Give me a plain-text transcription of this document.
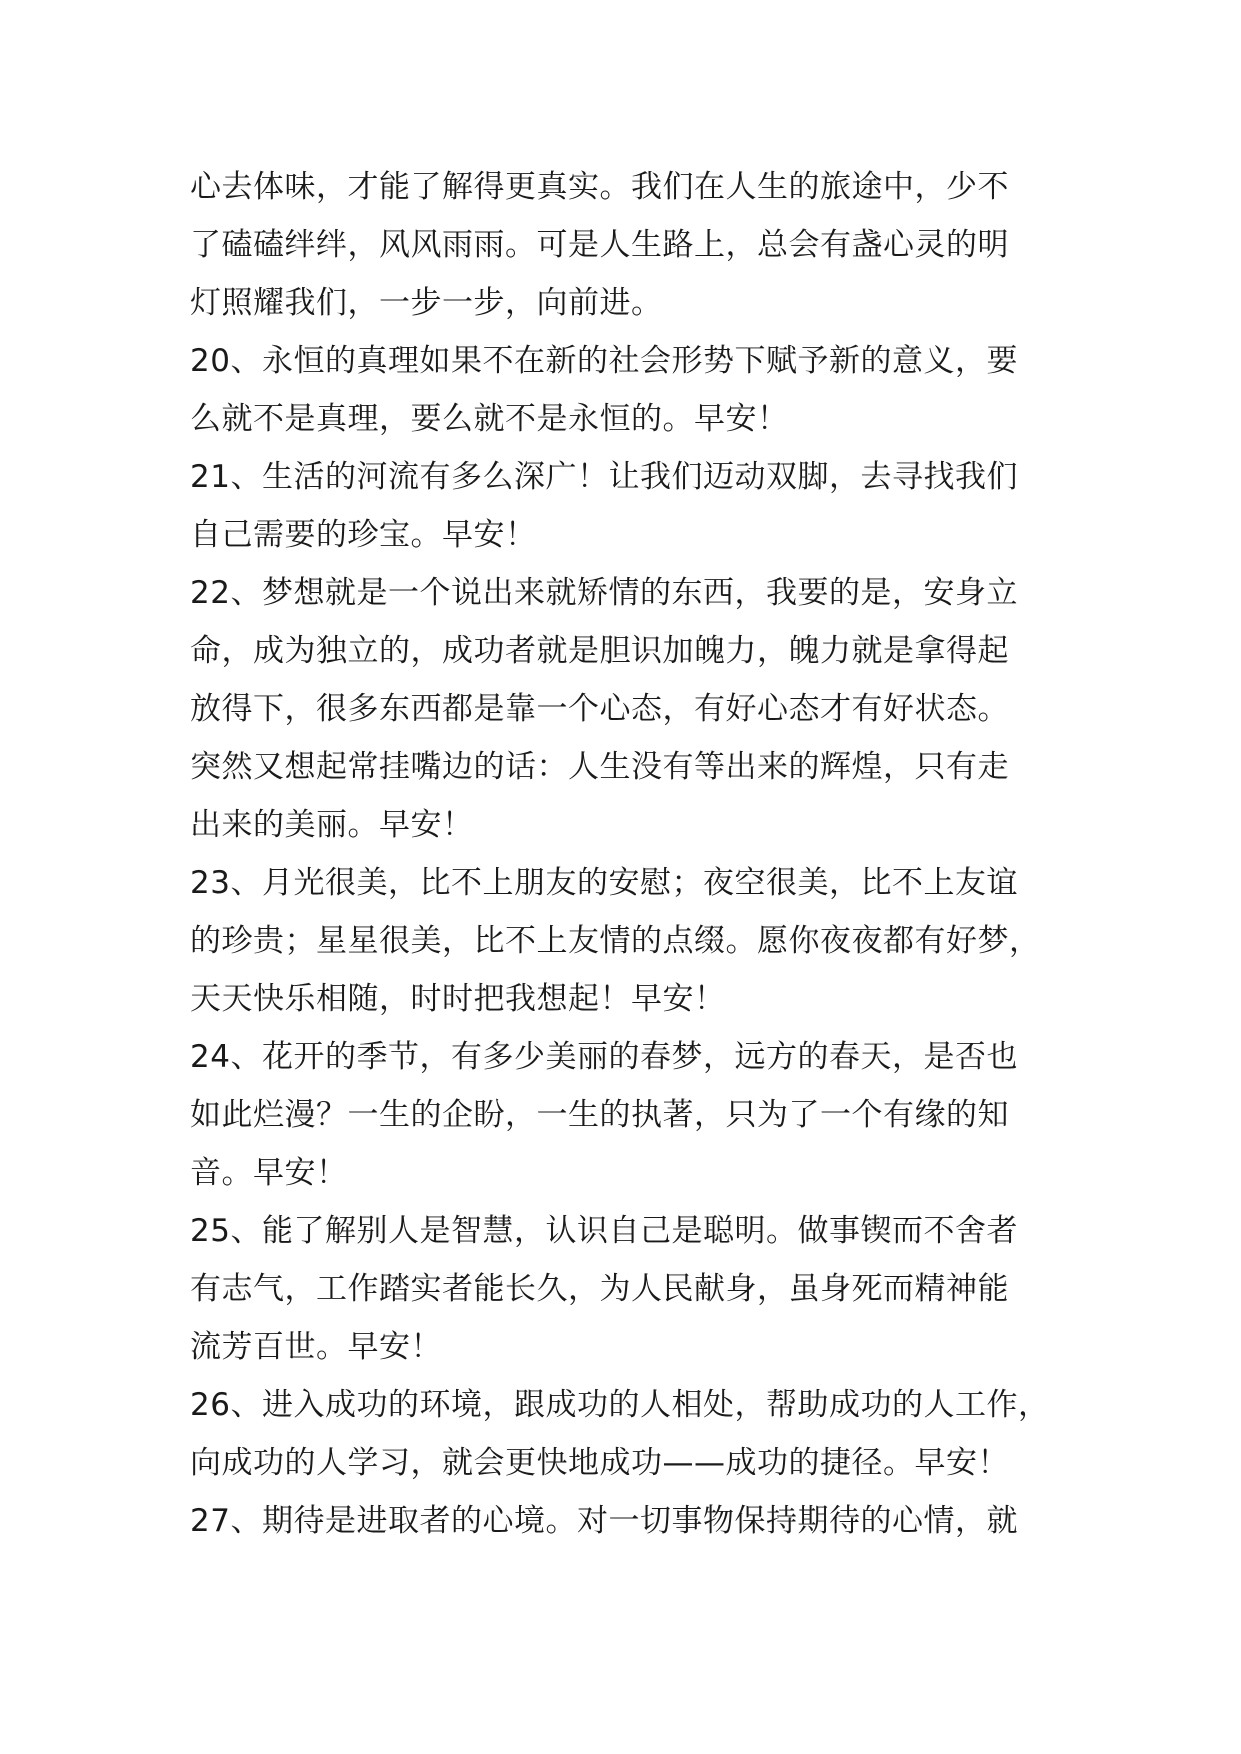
心去体味，才能了解得更真实。我们在人生的旅途中，少不
了磕磕绊绊，风风雨雨。可是人生路上，总会有盏心灵的明
灯照耀我们，一步一步，向前进。
20、永恒的真理如果不在新的社会形势下赋予新的意义，要
么就不是真理，要么就不是永恒的。早安！
21、生活的河流有多么深广！让我们迈动双脚，去寻找我们
自己需要的珍宝。早安！
22、梦想就是一个说出来就矫情的东西，我要的是，安身立
命，成为独立的，成功者就是胆识加魄力，魄力就是拿得起
放得下，很多东西都是靠一个心态，有好心态才有好状态。
突然又想起常挂嘴边的话：人生没有等出来的辉煌，只有走
出来的美丽。早安！
23、月光很美，比不上朋友的安慰；夜空很美，比不上友谊
的珍贵；星星很美，比不上友情的点缀。愿你夜夜都有好梦，
天天快乐相随，时时把我想起！早安！
24、花开的季节，有多少美丽的春梦，远方的春天，是否也
如此烂漫？一生的企盼，一生的执著，只为了一个有缘的知
音。早安！
25、能了解别人是智慧，认识自己是聪明。做事锲而不舍者
有志气，工作踏实者能长久，为人民献身，虽身死而精神能
流芳百世。早安！
26、进入成功的环境，跟成功的人相处，帮助成功的人工作，
向成功的人学习，就会更快地成功——成功的捷径。早安！
27、期待是进取者的心境。对一切事物保持期待的心情，就
